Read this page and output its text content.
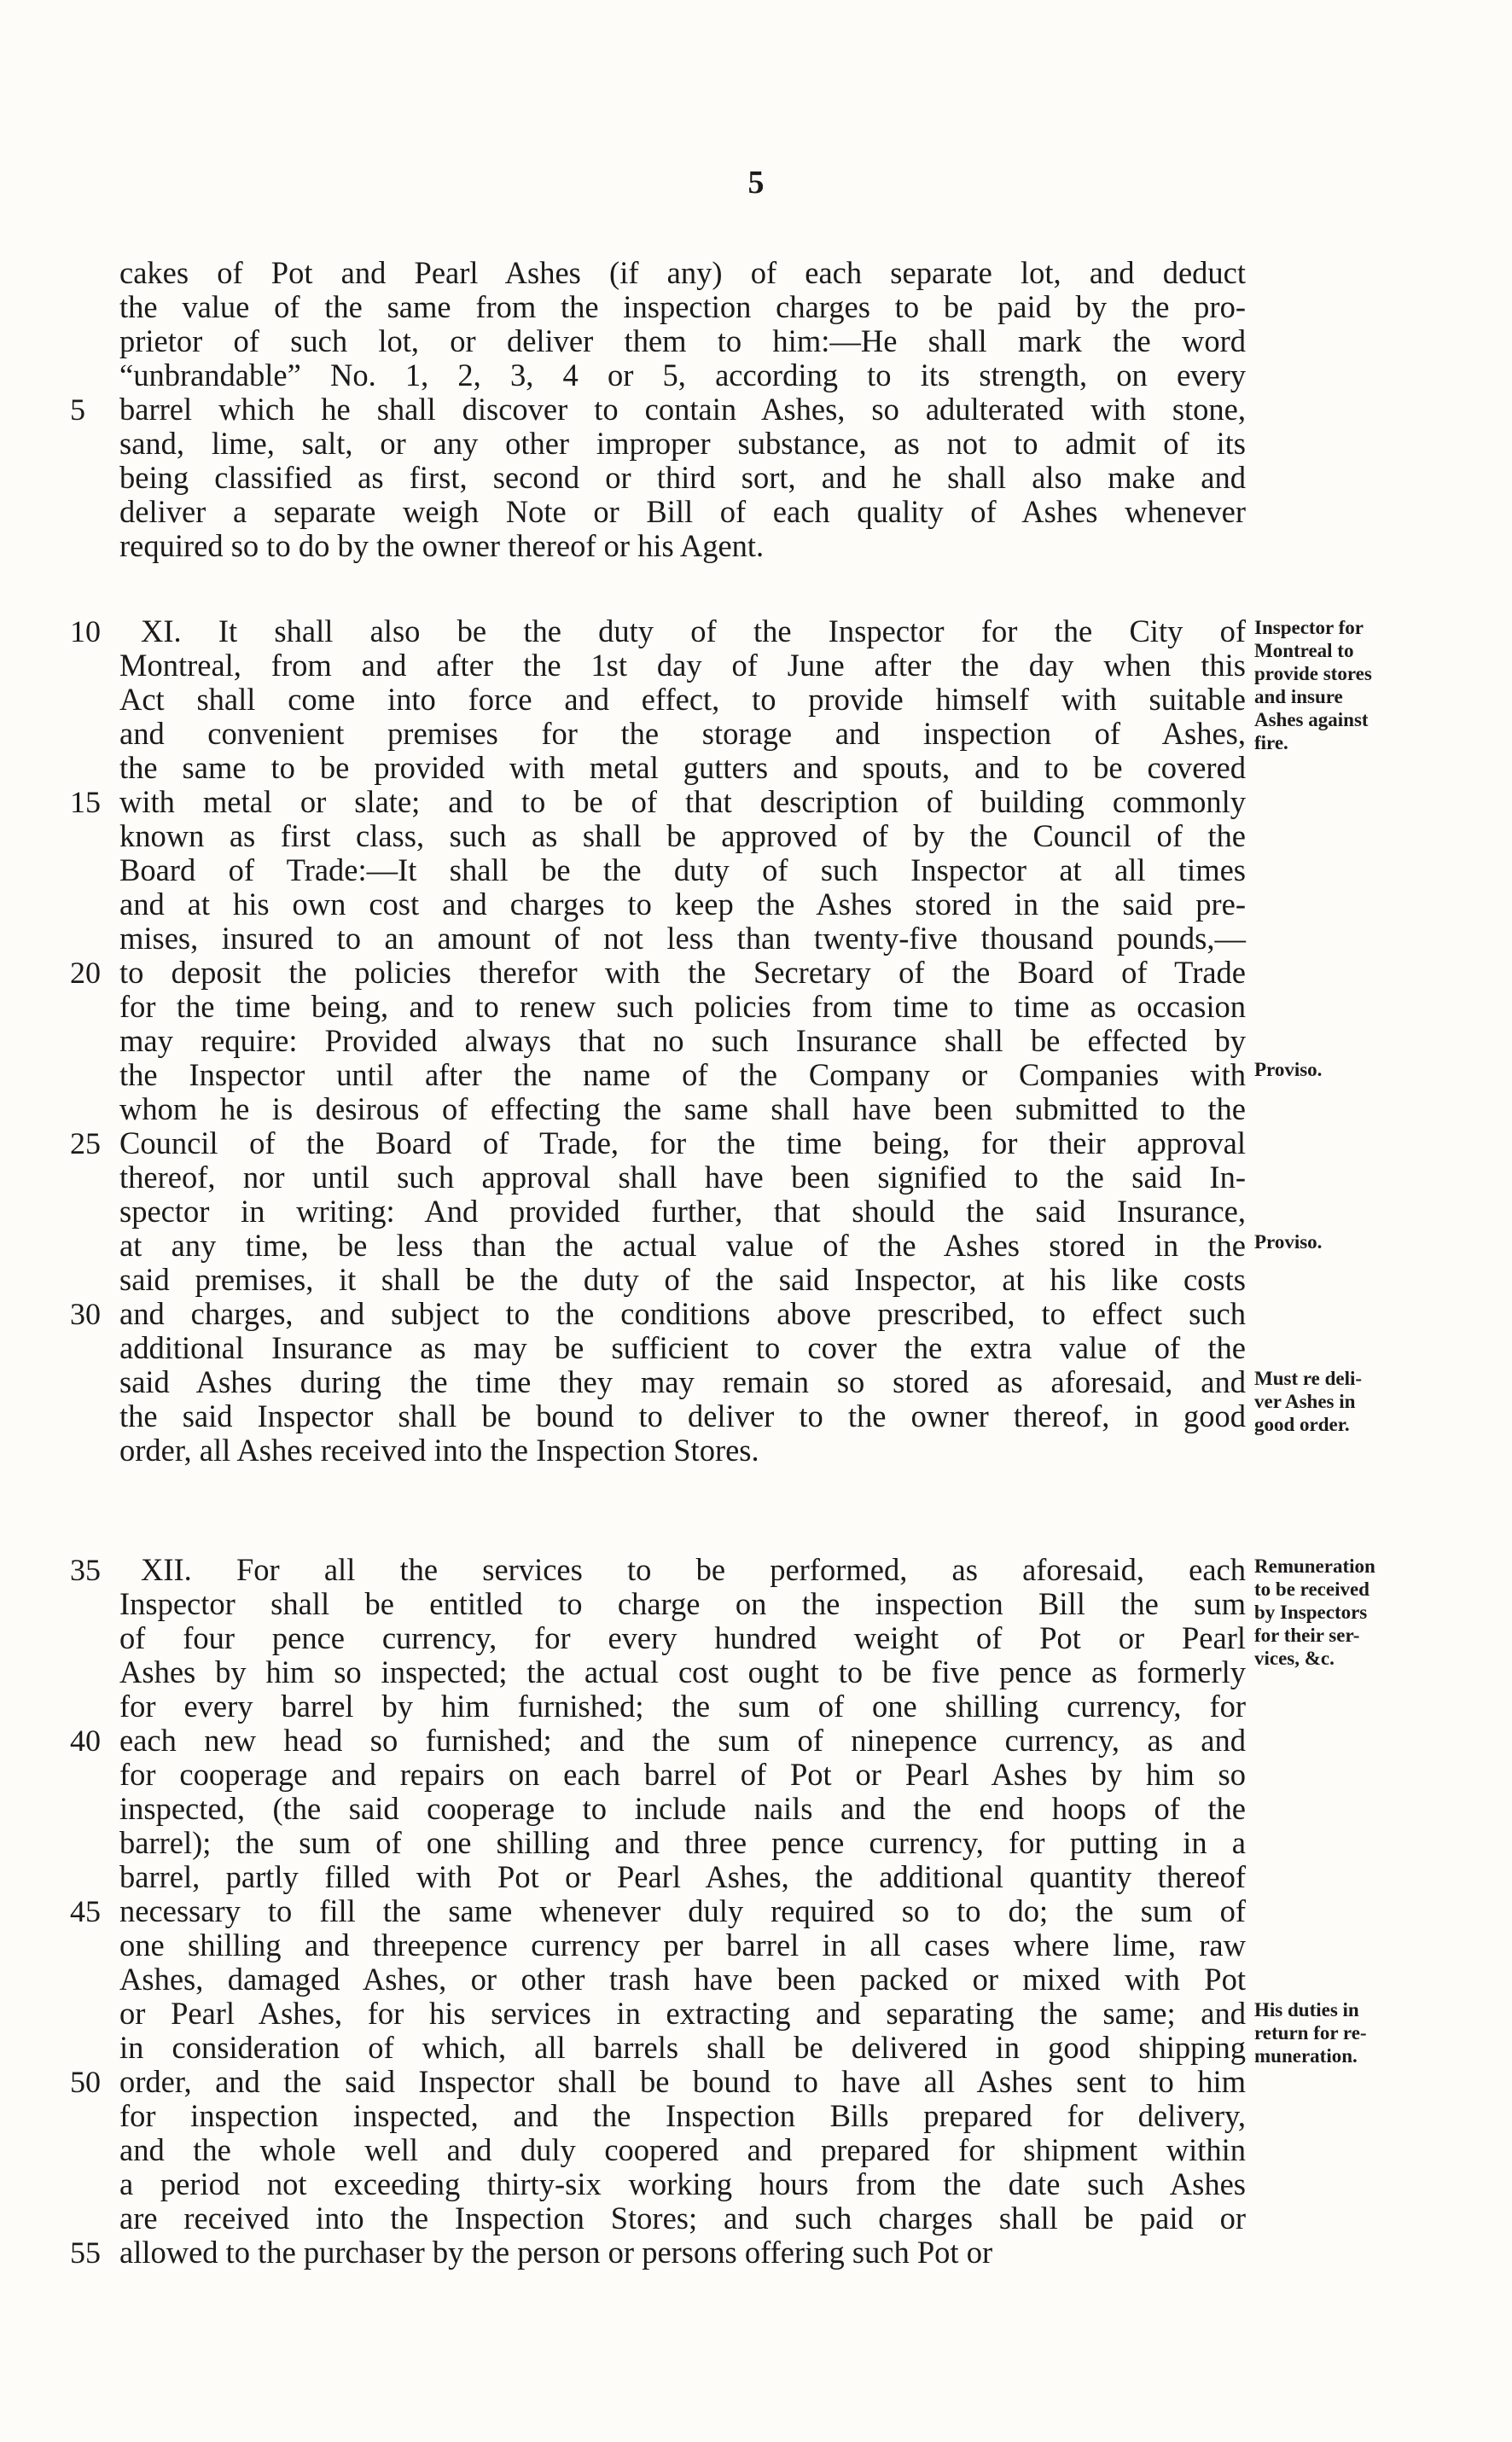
5
cakes of Pot and Pearl Ashes (if any) of each separate lot, and deduct
the value of the same from the inspection charges to be paid by the pro-
prietor of such lot, or deliver them to him:—He shall mark the word
“unbrandable” No. 1, 2, 3, 4 or 5, according to its strength, on every
barrel which he shall discover to contain Ashes, so adulterated with stone,
sand, lime, salt, or any other improper substance, as not to admit of its
being classified as first, second or third sort, and he shall also make and
deliver a separate weigh Note or Bill of each quality of Ashes whenever
required so to do by the owner thereof or his Agent.
XI. It shall also be the duty of the Inspector for the City of
Montreal, from and after the 1st day of June after the day when this
Act shall come into force and effect, to provide himself with suitable
and convenient premises for the storage and inspection of Ashes,
the same to be provided with metal gutters and spouts, and to be covered
with metal or slate; and to be of that description of building commonly
known as first class, such as shall be approved of by the Council of the
Board of Trade:—It shall be the duty of such Inspector at all times
and at his own cost and charges to keep the Ashes stored in the said pre-
mises, insured to an amount of not less than twenty-five thousand pounds,—
to deposit the policies therefor with the Secretary of the Board of Trade
for the time being, and to renew such policies from time to time as occasion
may require: Provided always that no such Insurance shall be effected by
the Inspector until after the name of the Company or Companies with
whom he is desirous of effecting the same shall have been submitted to the
Council of the Board of Trade, for the time being, for their approval
thereof, nor until such approval shall have been signified to the said In-
spector in writing: And provided further, that should the said Insurance,
at any time, be less than the actual value of the Ashes stored in the
said premises, it shall be the duty of the said Inspector, at his like costs
and charges, and subject to the conditions above prescribed, to effect such
additional Insurance as may be sufficient to cover the extra value of the
said Ashes during the time they may remain so stored as aforesaid, and
the said Inspector shall be bound to deliver to the owner thereof, in good
order, all Ashes received into the Inspection Stores.
XII. For all the services to be performed, as aforesaid, each
Inspector shall be entitled to charge on the inspection Bill the sum
of four pence currency, for every hundred weight of Pot or Pearl
Ashes by him so inspected; the actual cost ought to be five pence as formerly
for every barrel by him furnished; the sum of one shilling currency, for
each new head so furnished; and the sum of ninepence currency, as and
for cooperage and repairs on each barrel of Pot or Pearl Ashes by him so
inspected, (the said cooperage to include nails and the end hoops of the
barrel); the sum of one shilling and three pence currency, for putting in a
barrel, partly filled with Pot or Pearl Ashes, the additional quantity thereof
necessary to fill the same whenever duly required so to do; the sum of
one shilling and threepence currency per barrel in all cases where lime, raw
Ashes, damaged Ashes, or other trash have been packed or mixed with Pot
or Pearl Ashes, for his services in extracting and separating the same; and
in consideration of which, all barrels shall be delivered in good shipping
order, and the said Inspector shall be bound to have all Ashes sent to him
for inspection inspected, and the Inspection Bills prepared for delivery,
and the whole well and duly coopered and prepared for shipment within
a period not exceeding thirty-six working hours from the date such Ashes
are received into the Inspection Stores; and such charges shall be paid or
allowed to the purchaser by the person or persons offering such Pot or
5
10
15
20
25
30
35
40
45
50
55
Inspector for
Montreal to
provide stores
and insure
Ashes against
fire.
Proviso.
Proviso.
Must re deli-
ver Ashes in
good order.
Remuneration
to be received
by Inspectors
for their ser-
vices, &c.
His duties in
return for re-
muneration.
